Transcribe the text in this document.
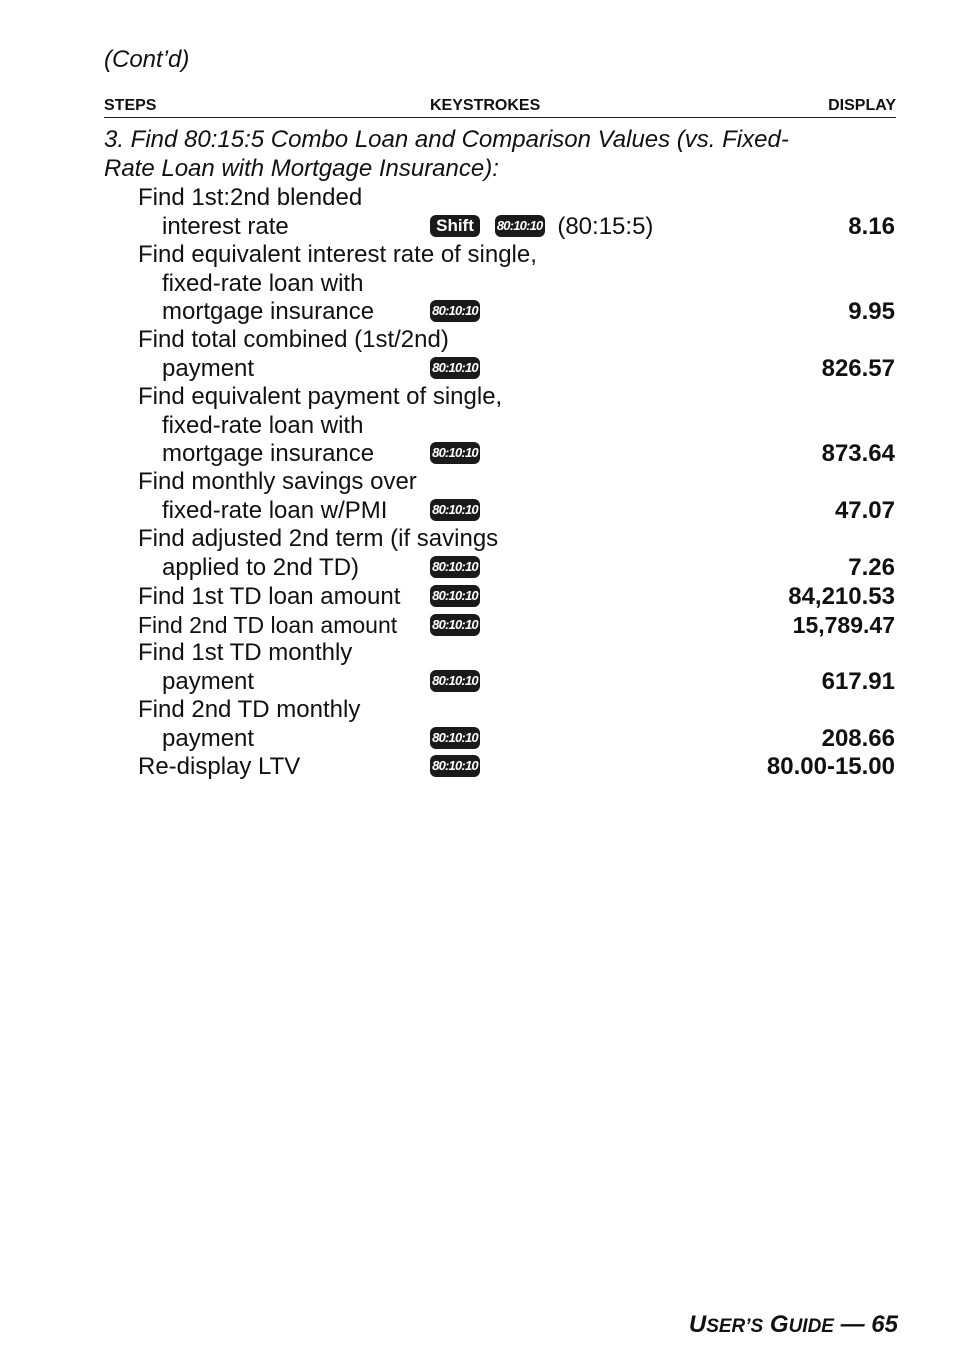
(Cont’d)
STEPS	KEYSTROKES	DISPLAY
3. Find 80:15:5 Combo Loan and Comparison Values (vs. Fixed-
Rate Loan with Mortgage Insurance):
Find 1st:2nd blended
interest rate	Shift 80:10:10 (80:15:5)	8.16
Find equivalent interest rate of single,
fixed-rate loan with
mortgage insurance	80:10:10	9.95
Find total combined (1st/2nd)
payment	80:10:10	826.57
Find equivalent payment of single,
fixed-rate loan with
mortgage insurance	80:10:10	873.64
Find monthly savings over
fixed-rate loan w/PMI	80:10:10	47.07
Find adjusted 2nd term (if savings
applied to 2nd TD)	80:10:10	7.26
Find 1st TD loan amount 80:10:10	84,210.53
Find 2nd TD loan amount	80:10:10	15,789.47
Find 1st TD monthly
payment	80:10:10	617.91
Find 2nd TD monthly
payment	80:10:10	208.66
Re-display LTV	80:10:10	80.00-15.00
USER’S GUIDE — 65
